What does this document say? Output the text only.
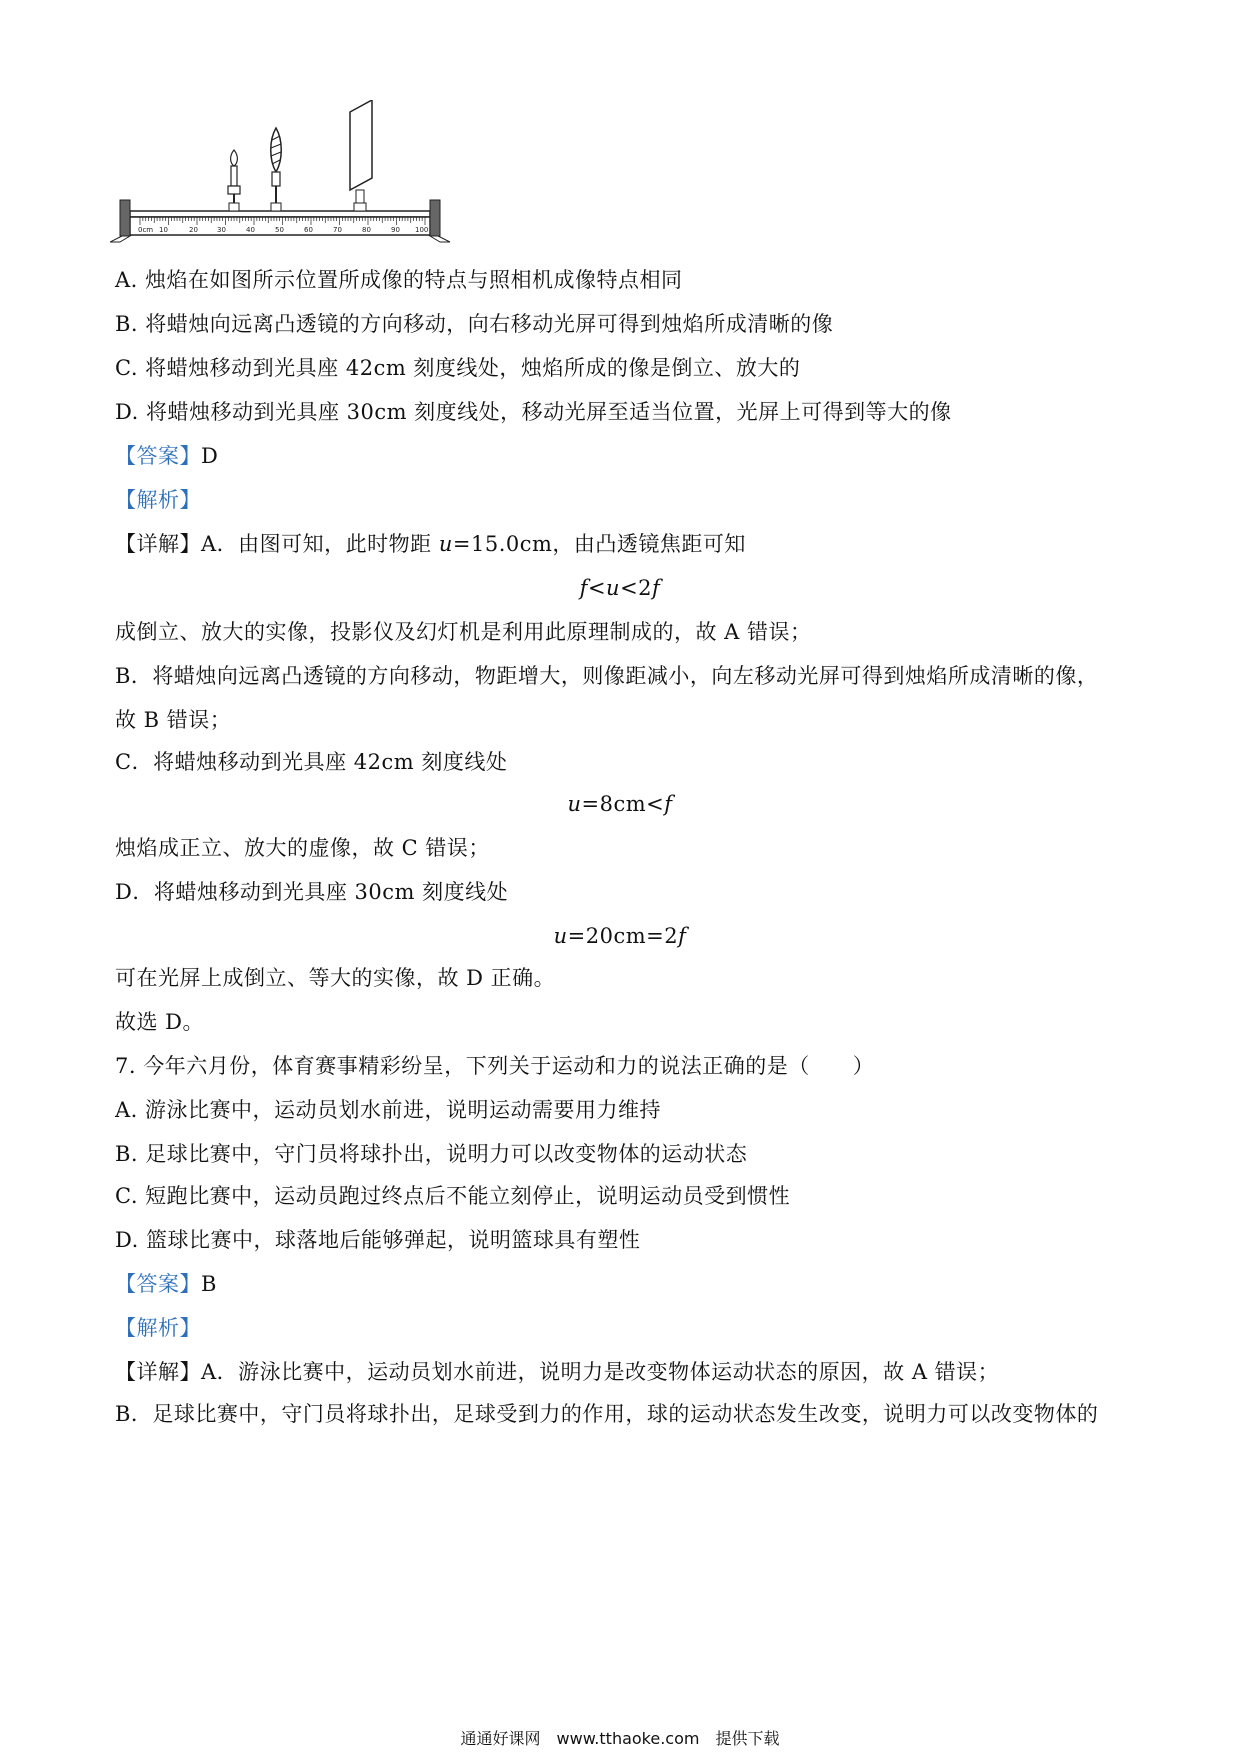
0cm 10	20	30	40	50	60	70	80	90 100
A. 烛焰在如图所示位置所成像的特点与照相机成像特点相同
B. 将蜡烛向远离凸透镜的方向移动，向右移动光屏可得到烛焰所成清晰的像
C. 将蜡烛移动到光具座 42cm 刻度线处，烛焰所成的像是倒立、放大的
D. 将蜡烛移动到光具座 30cm 刻度线处，移动光屏至适当位置，光屏上可得到等大的像
【答案】D
【解析】
【详解】A．由图可知，此时物距 u=15.0cm，由凸透镜焦距可知
f<u<2f
成倒立、放大的实像，投影仪及幻灯机是利用此原理制成的，故 A 错误；
B．将蜡烛向远离凸透镜的方向移动，物距增大，则像距减小，向左移动光屏可得到烛焰所成清晰的像，
故 B 错误；
C．将蜡烛移动到光具座 42cm 刻度线处
u=8cm<f
烛焰成正立、放大的虚像，故 C 错误；
D．将蜡烛移动到光具座 30cm 刻度线处
u=20cm=2f
可在光屏上成倒立、等大的实像，故 D 正确。
故选 D。
7. 今年六月份，体育赛事精彩纷呈，下列关于运动和力的说法正确的是（　　）
A. 游泳比赛中，运动员划水前进，说明运动需要用力维持
B. 足球比赛中，守门员将球扑出，说明力可以改变物体的运动状态
C. 短跑比赛中，运动员跑过终点后不能立刻停止，说明运动员受到惯性
D. 篮球比赛中，球落地后能够弹起，说明篮球具有塑性
【答案】B
【解析】
【详解】A．游泳比赛中，运动员划水前进，说明力是改变物体运动状态的原因，故 A 错误；
B．足球比赛中，守门员将球扑出，足球受到力的作用，球的运动状态发生改变，说明力可以改变物体的
通通好课网　www.tthaoke.com　提供下载
